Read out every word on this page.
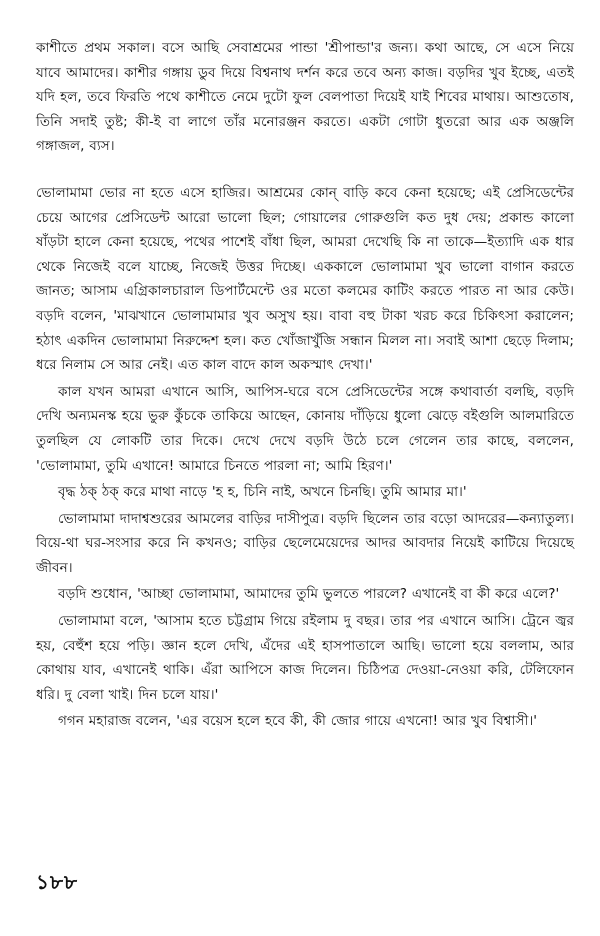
কাশীতে প্রথম সকাল। বসে আছি সেবাশ্রমের পান্ডা 'শ্রীপান্ডা'র জন্য। কথা আছে, সে এসে নিয়ে যাবে আমাদের। কাশীর গঙ্গায় ডুব দিয়ে বিশ্বনাথ দর্শন করে তবে অন্য কাজ। বড়দির খুব ইচ্ছে, এতই যদি হল, তবে ফিরতি পথে কাশীতে নেমে দুটো ফুল বেলপাতা দিয়েই যাই শিবের মাথায়। আশুতোষ, তিনি সদাই তুষ্ট; কী-ই বা লাগে তাঁর মনোরঞ্জন করতে। একটা গোটা ধুতরো আর এক অঞ্জলি গঙ্গাজল, ব্যস।

ভোলামামা ভোর না হতে এসে হাজির। আশ্রমের কোন্ বাড়ি কবে কেনা হয়েছে; এই প্রেসিডেন্টের চেয়ে আগের প্রেসিডেন্ট আরো ভালো ছিল; গোয়ালের গোরুগুলি কত দুধ দেয়; প্রকান্ড কালো ষাঁড়টা হালে কেনা হয়েছে, পথের পাশেই বাঁধা ছিল, আমরা দেখেছি কি না তাকে—ইত্যাদি এক ধার থেকে নিজেই বলে যাচ্ছে, নিজেই উত্তর দিচ্ছে। এককালে ভোলামামা খুব ভালো বাগান করতে জানত; আসাম এগ্রিকালচারাল ডিপার্টমেন্টে ওর মতো কলমের কাটিং করতে পারত না আর কেউ। বড়দি বলেন, 'মাঝখানে ভোলামামার খুব অসুখ হয়। বাবা বহু টাকা খরচ করে চিকিৎসা করালেন; হঠাৎ একদিন ভোলামামা নিরুদ্দেশ হল। কত খোঁজাখুঁজি সন্ধান মিলল না। সবাই আশা ছেড়ে দিলাম; ধরে নিলাম সে আর নেই। এত কাল বাদে কাল অকস্মাৎ দেখা।'

কাল যখন আমরা এখানে আসি, আপিস-ঘরে বসে প্রেসিডেন্টের সঙ্গে কথাবার্তা বলছি, বড়দি দেখি অন্যমনস্ক হয়ে ভুরু কুঁচকে তাকিয়ে আছেন, কোনায় দাঁড়িয়ে ধুলো ঝেড়ে বইগুলি আলমারিতে তুলছিল যে লোকটি তার দিকে। দেখে দেখে বড়দি উঠে চলে গেলেন তার কাছে, বললেন, 'ভোলামামা, তুমি এখানে! আমারে চিনতে পারলা না; আমি হিরণ।'

বৃদ্ধ ঠক্ ঠক্ করে মাথা নাড়ে 'হ হ, চিনি নাই, অখনে চিনছি। তুমি আমার মা।'

ভোলামামা দাদাশ্বশুরের আমলের বাড়ির দাসীপুত্র। বড়দি ছিলেন তার বড়ো আদরের—কন্যাতুল্য। বিয়ে-থা ঘর-সংসার করে নি কখনও; বাড়ির ছেলেমেয়েদের আদর আবদার নিয়েই কাটিয়ে দিয়েছে জীবন।

বড়দি শুধোন, 'আচ্ছা ভোলামামা, আমাদের তুমি ভুলতে পারলে? এখানেই বা কী করে এলে?'

ভোলামামা বলে, 'আসাম হতে চট্টগ্রাম গিয়ে রইলাম দু বছর। তার পর এখানে আসি। ট্রেনে জ্বর হয়, বেহুঁশ হয়ে পড়ি। জ্ঞান হলে দেখি, এঁদের এই হাসপাতালে আছি। ভালো হয়ে বললাম, আর কোথায় যাব, এখানেই থাকি। এঁরা আপিসে কাজ দিলেন। চিঠিপত্র দেওয়া-নেওয়া করি, টেলিফোন ধরি। দু বেলা খাই। দিন চলে যায়।'

গগন মহারাজ বলেন, 'এর বয়েস হলে হবে কী, কী জোর গায়ে এখনো! আর খুব বিশ্বাসী।'

১৮৮
